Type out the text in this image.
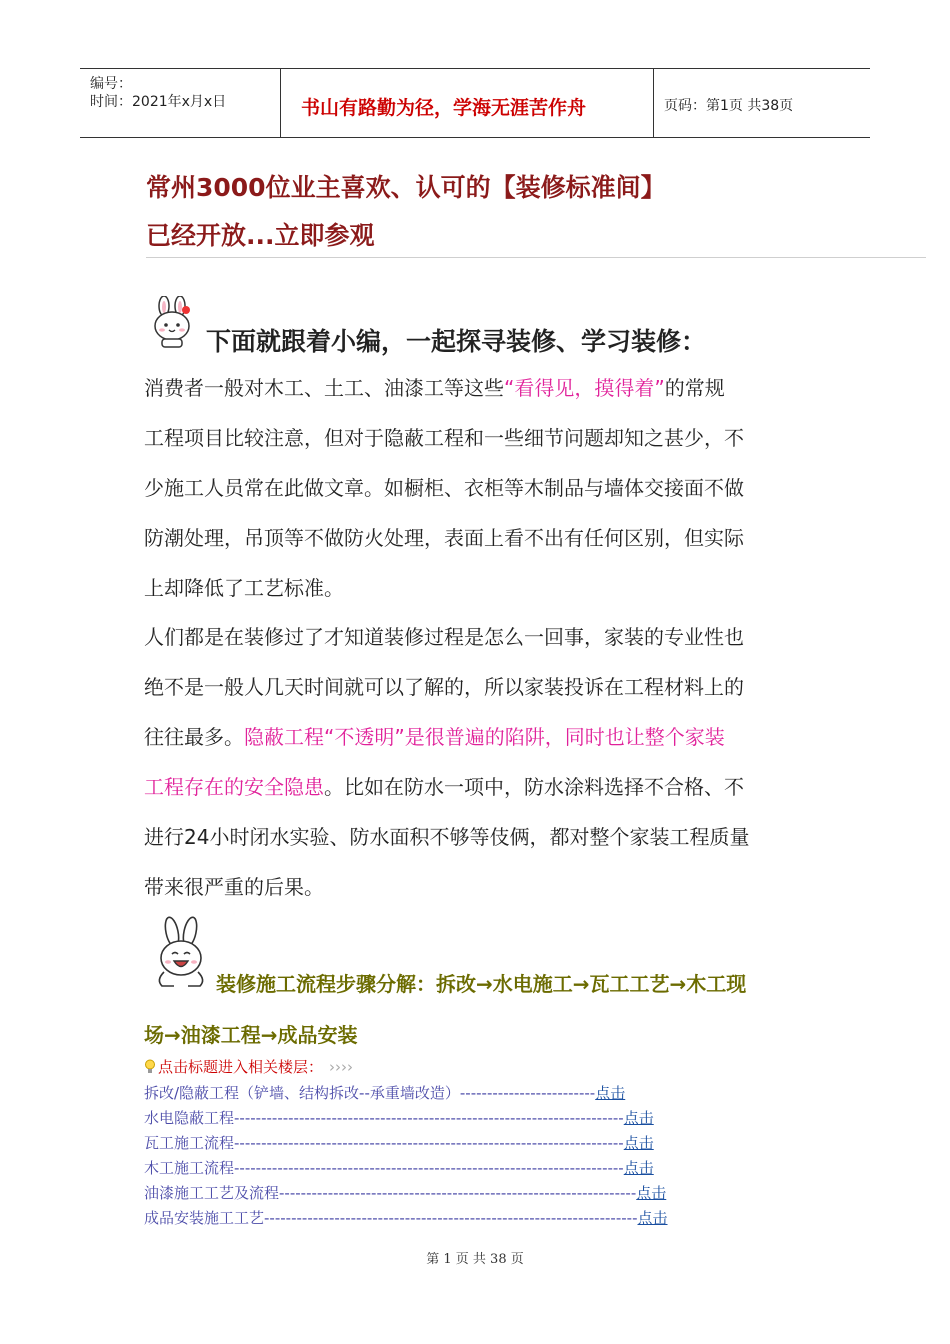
编号：
时间：2021年x月x日	书山有路勤为径，学海无涯苦作舟	页码：第1页 共38页
常州3000位业主喜欢、认可的【装修标准间】
已经开放...立即参观
下面就跟着小编，一起探寻装修、学习装修：
消费者一般对木工、土工、油漆工等这些“看得见，摸得着”的常规
工程项目比较注意，但对于隐蔽工程和一些细节问题却知之甚少，不
少施工人员常在此做文章。如橱柜、衣柜等木制品与墙体交接面不做
防潮处理，吊顶等不做防火处理，表面上看不出有任何区别，但实际
上却降低了工艺标准。
人们都是在装修过了才知道装修过程是怎么一回事，家装的专业性也
绝不是一般人几天时间就可以了解的，所以家装投诉在工程材料上的
往往最多。隐蔽工程“不透明”是很普遍的陷阱，同时也让整个家装
工程存在的安全隐患。比如在防水一项中，防水涂料选择不合格、不
进行24小时闭水实验、防水面积不够等伎俩，都对整个家装工程质量
带来很严重的后果。
装修施工流程步骤分解：拆改→水电施工→瓦工工艺→木工现
场→油漆工程→成品安装
点击标题进入相关楼层： ››››
拆改/隐蔽工程（铲墙、结构拆改--承重墙改造）-------------------------点击
水电隐蔽工程------------------------------------------------------------------------点击
瓦工施工流程------------------------------------------------------------------------点击
木工施工流程------------------------------------------------------------------------点击
油漆施工工艺及流程------------------------------------------------------------------点击
成品安装施工工艺---------------------------------------------------------------------点击
第 1 页 共 38 页
